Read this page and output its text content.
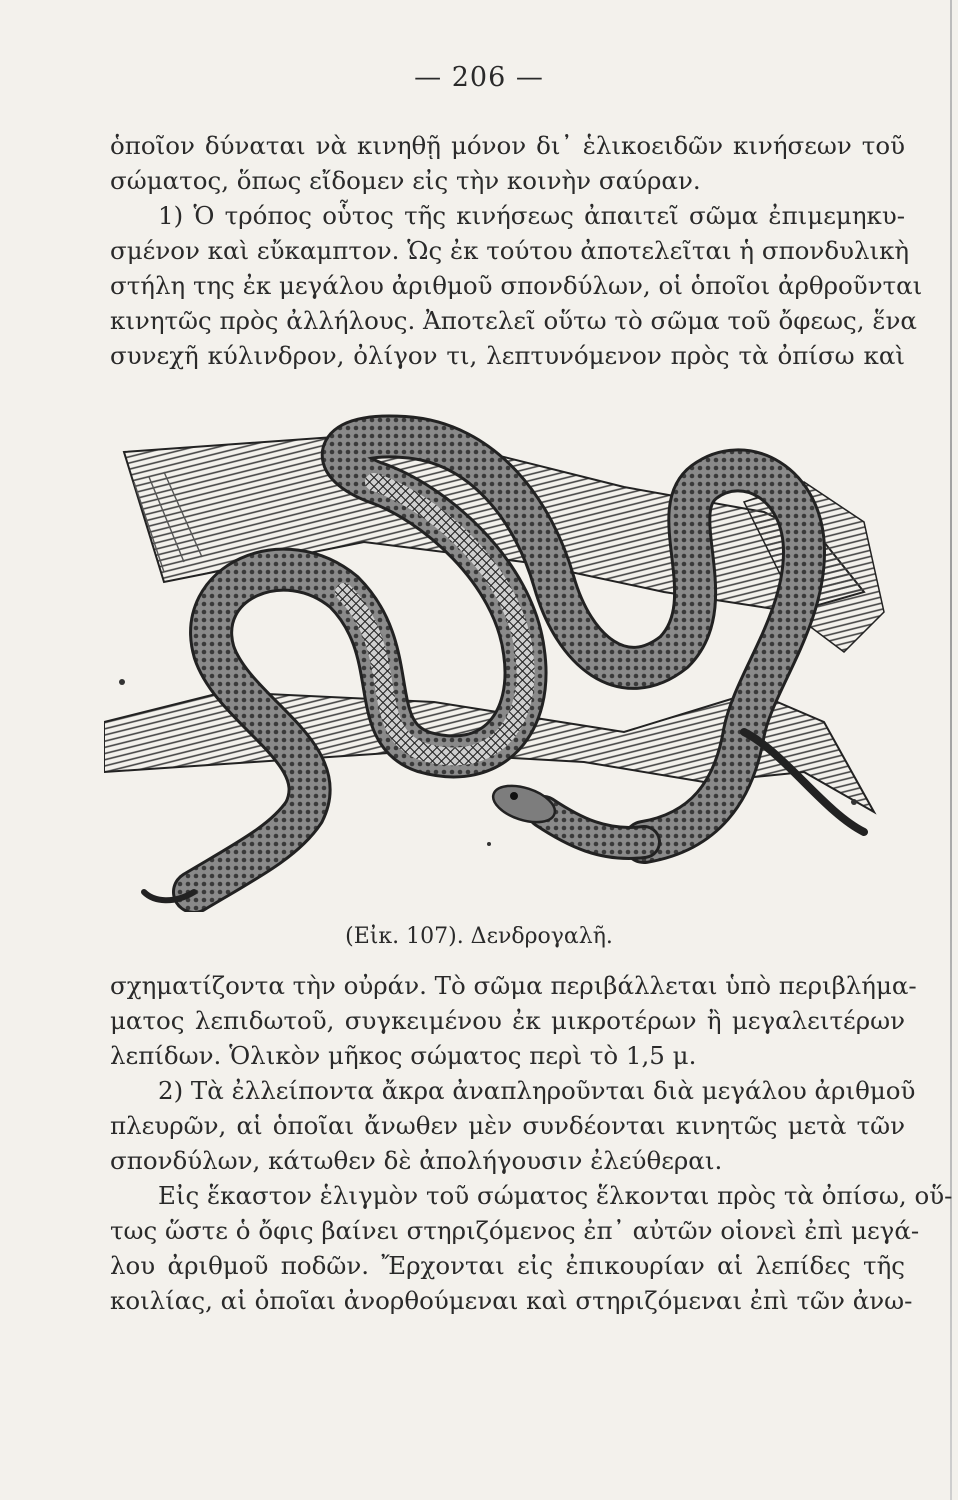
— 206 —
ὁποῖον δύναται νὰ κινηθῇ μόνον δι᾽ ἑλικοειδῶν κινήσεων τοῦ
σώματος, ὅπως εἴδομεν εἰς τὴν κοινὴν σαύραν.
1) Ὁ τρόπος οὗτος τῆς κινήσεως ἀπαιτεῖ σῶμα ἐπιμεμηκυ-
σμένον καὶ εὔκαμπτον. Ὡς ἐκ τούτου ἀποτελεῖται ἡ σπονδυλικὴ
στήλη της ἐκ μεγάλου ἀριθμοῦ σπονδύλων, οἱ ὁποῖοι ἀρθροῦνται
κινητῶς πρὸς ἀλλήλους. Ἀποτελεῖ οὕτω τὸ σῶμα τοῦ ὄφεως, ἕνα
συνεχῆ κύλινδρον, ὀλίγον τι, λεπτυνόμενον πρὸς τὰ ὀπίσω καὶ
(Εἰκ. 107). Δενδρογαλῆ.
σχηματίζοντα τὴν οὐράν. Τὸ σῶμα περιβάλλεται ὑπὸ περιβλήμα-
ματος λεπιδωτοῦ, συγκειμένου ἐκ μικροτέρων ἢ μεγαλειτέρων
λεπίδων. Ὁλικὸν μῆκος σώματος περὶ τὸ 1,5 μ.
2) Τὰ ἐλλείποντα ἄκρα ἀναπληροῦνται διὰ μεγάλου ἀριθμοῦ
πλευρῶν, αἱ ὁποῖαι ἄνωθεν μὲν συνδέονται κινητῶς μετὰ τῶν
σπονδύλων, κάτωθεν δὲ ἀπολήγουσιν ἐλεύθεραι.
Εἰς ἕκαστον ἑλιγμὸν τοῦ σώματος ἕλκονται πρὸς τὰ ὀπίσω, οὕ-
τως ὥστε ὁ ὄφις βαίνει στηριζόμενος ἐπ᾽ αὐτῶν οἱονεὶ ἐπὶ μεγά-
λου ἀριθμοῦ ποδῶν. Ἔρχονται εἰς ἐπικουρίαν αἱ λεπίδες τῆς
κοιλίας, αἱ ὁποῖαι ἀνορθούμεναι καὶ στηριζόμεναι ἐπὶ τῶν ἀνω-
